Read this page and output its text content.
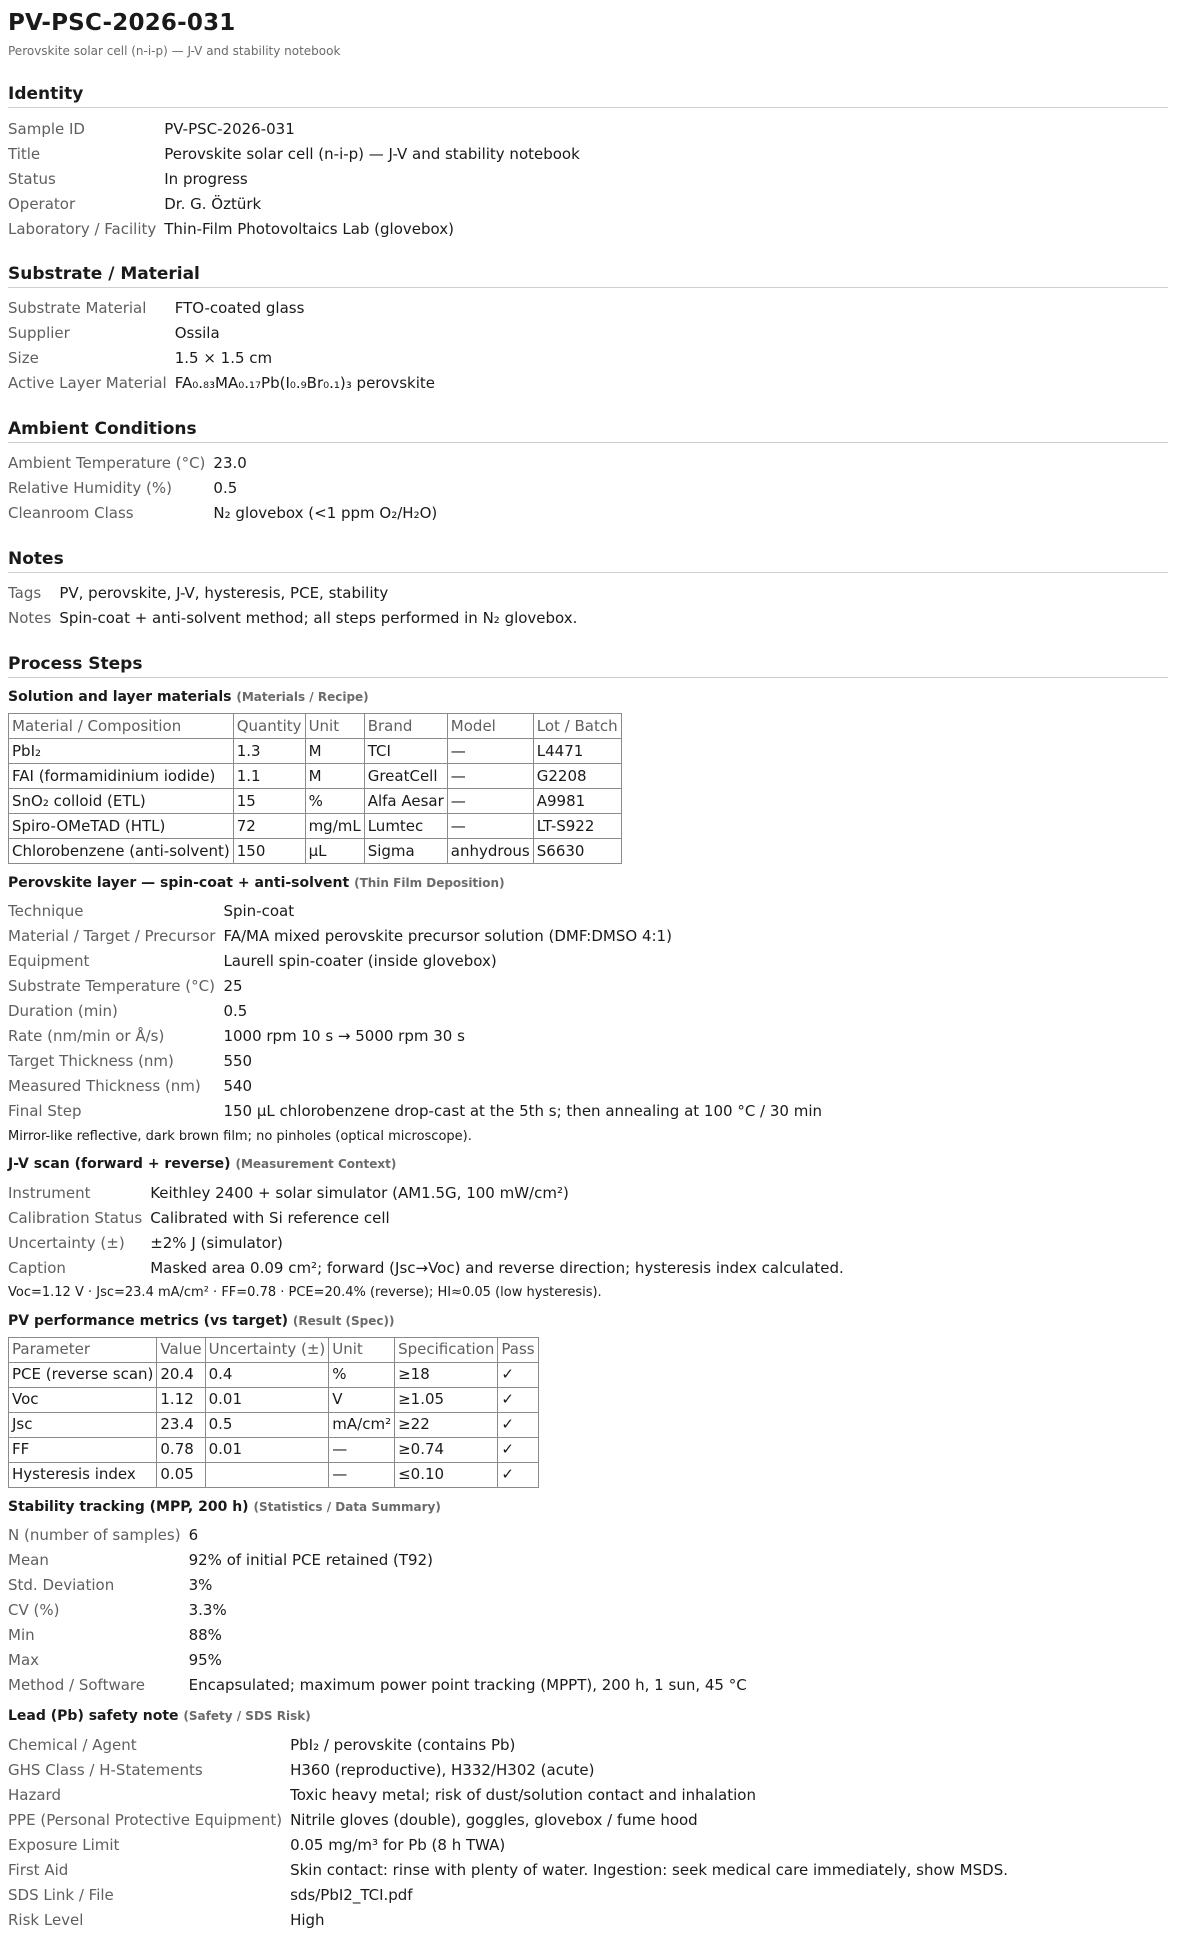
PV-PSC-2026-031
Perovskite solar cell (n-i-p) — J-V and stability notebook
Identity
Sample ID	PV-PSC-2026-031
Title	Perovskite solar cell (n-i-p) — J-V and stability notebook
Status	In progress
Operator	Dr. G. Öztürk
Laboratory / Facility	Thin-Film Photovoltaics Lab (glovebox)
Substrate / Material
Substrate Material	FTO-coated glass
Supplier	Ossila
Size	1.5 × 1.5 cm
Active Layer Material	FA₀.₈₃MA₀.₁₇Pb(I₀.₉Br₀.₁)₃ perovskite
Ambient Conditions
Ambient Temperature (°C)	23.0
Relative Humidity (%)	0.5
Cleanroom Class	N₂ glovebox (<1 ppm O₂/H₂O)
Notes
Tags	PV, perovskite, J-V, hysteresis, PCE, stability
Notes	Spin-coat + anti-solvent method; all steps performed in N₂ glovebox.
Process Steps
Solution and layer materials (Materials / Recipe)
Material / Composition	Quantity	Unit	Brand	Model	Lot / Batch
PbI₂	1.3	M	TCI	—	L4471
FAI (formamidinium iodide)	1.1	M	GreatCell	—	G2208
SnO₂ colloid (ETL)	15	%	Alfa Aesar	—	A9981
Spiro-OMeTAD (HTL)	72	mg/mL	Lumtec	—	LT-S922
Chlorobenzene (anti-solvent)	150	µL	Sigma	anhydrous	S6630
Perovskite layer — spin-coat + anti-solvent (Thin Film Deposition)
Technique	Spin-coat
Material / Target / Precursor	FA/MA mixed perovskite precursor solution (DMF:DMSO 4:1)
Equipment	Laurell spin-coater (inside glovebox)
Substrate Temperature (°C)	25
Duration (min)	0.5
Rate (nm/min or Å/s)	1000 rpm 10 s → 5000 rpm 30 s
Target Thickness (nm)	550
Measured Thickness (nm)	540
Final Step	150 µL chlorobenzene drop-cast at the 5th s; then annealing at 100 °C / 30 min
Mirror-like reflective, dark brown film; no pinholes (optical microscope).
J-V scan (forward + reverse) (Measurement Context)
Instrument	Keithley 2400 + solar simulator (AM1.5G, 100 mW/cm²)
Calibration Status	Calibrated with Si reference cell
Uncertainty (±)	±2% J (simulator)
Caption	Masked area 0.09 cm²; forward (Jsc→Voc) and reverse direction; hysteresis index calculated.
Voc=1.12 V · Jsc=23.4 mA/cm² · FF=0.78 · PCE=20.4% (reverse); HI≈0.05 (low hysteresis).
PV performance metrics (vs target) (Result (Spec))
Parameter	Value	Uncertainty (±)	Unit	Specification	Pass
PCE (reverse scan)	20.4	0.4	%	≥18	✓
Voc	1.12	0.01	V	≥1.05	✓
Jsc	23.4	0.5	mA/cm²	≥22	✓
FF	0.78	0.01	—	≥0.74	✓
Hysteresis index	0.05		—	≤0.10	✓
Stability tracking (MPP, 200 h) (Statistics / Data Summary)
N (number of samples)	6
Mean	92% of initial PCE retained (T92)
Std. Deviation	3%
CV (%)	3.3%
Min	88%
Max	95%
Method / Software	Encapsulated; maximum power point tracking (MPPT), 200 h, 1 sun, 45 °C
Lead (Pb) safety note (Safety / SDS Risk)
Chemical / Agent	PbI₂ / perovskite (contains Pb)
GHS Class / H-Statements	H360 (reproductive), H332/H302 (acute)
Hazard	Toxic heavy metal; risk of dust/solution contact and inhalation
PPE (Personal Protective Equipment)	Nitrile gloves (double), goggles, glovebox / fume hood
Exposure Limit	0.05 mg/m³ for Pb (8 h TWA)
First Aid	Skin contact: rinse with plenty of water. Ingestion: seek medical care immediately, show MSDS.
SDS Link / File	sds/PbI2_TCI.pdf
Risk Level	High
